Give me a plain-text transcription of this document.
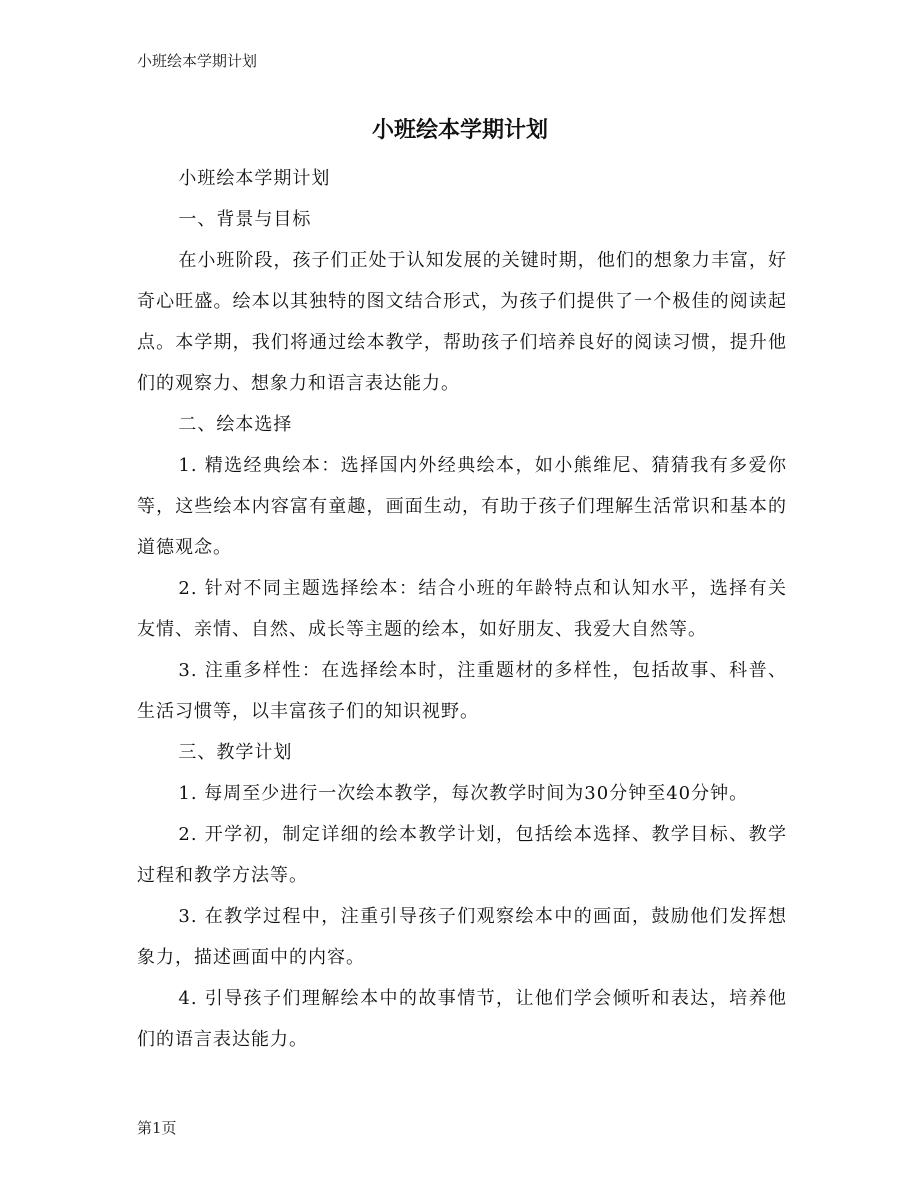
小班绘本学期计划
小班绘本学期计划

小班绘本学期计划

一、背景与目标

在小班阶段，孩子们正处于认知发展的关键时期，他们的想象力丰富，好奇心旺盛。绘本以其独特的图文结合形式，为孩子们提供了一个极佳的阅读起点。本学期，我们将通过绘本教学，帮助孩子们培养良好的阅读习惯，提升他们的观察力、想象力和语言表达能力。

二、绘本选择

1. 精选经典绘本：选择国内外经典绘本，如小熊维尼、猜猜我有多爱你等，这些绘本内容富有童趣，画面生动，有助于孩子们理解生活常识和基本的道德观念。

2. 针对不同主题选择绘本：结合小班的年龄特点和认知水平，选择有关友情、亲情、自然、成长等主题的绘本，如好朋友、我爱大自然等。

3. 注重多样性：在选择绘本时，注重题材的多样性，包括故事、科普、生活习惯等，以丰富孩子们的知识视野。

三、教学计划

1. 每周至少进行一次绘本教学，每次教学时间为30分钟至40分钟。

2. 开学初，制定详细的绘本教学计划，包括绘本选择、教学目标、教学过程和教学方法等。

3. 在教学过程中，注重引导孩子们观察绘本中的画面，鼓励他们发挥想象力，描述画面中的内容。

4. 引导孩子们理解绘本中的故事情节，让他们学会倾听和表达，培养他们的语言表达能力。

第1页
